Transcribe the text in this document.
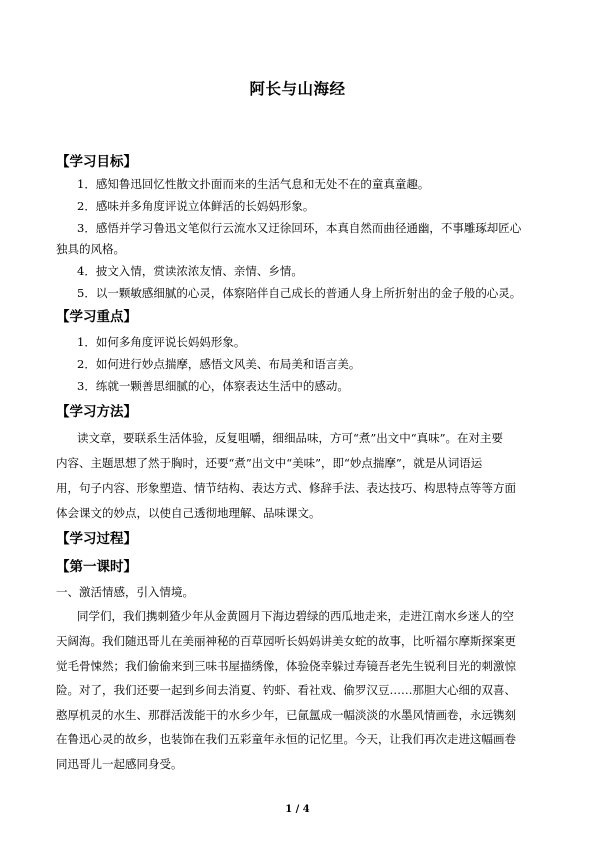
阿长与山海经
【学习目标】
1．感知鲁迅回忆性散文扑面而来的生活气息和无处不在的童真童趣。
2．感味并多角度评说立体鲜活的长妈妈形象。
3．感悟并学习鲁迅文笔似行云流水又迂徐回环，本真自然而曲径通幽，不事雕琢却匠心
独具的风格。
4．披文入情，赏读浓浓友情、亲情、乡情。
5．以一颗敏感细腻的心灵，体察陪伴自己成长的普通人身上所折射出的金子般的心灵。
【学习重点】
1．如何多角度评说长妈妈形象。
2．如何进行妙点揣摩，感悟文风美、布局美和语言美。
3．练就一颗善思细腻的心，体察表达生活中的感动。
【学习方法】
读文章，要联系生活体验，反复咀嚼，细细品味，方可“煮”出文中“真味”。在对主要
内容、主题思想了然于胸时，还要“煮”出文中“美味”，即“妙点揣摩”，就是从词语运
用，句子内容、形象塑造、情节结构、表达方式、修辞手法、表达技巧、构思特点等等方面
体会课文的妙点，以使自己透彻地理解、品味课文。
【学习过程】
【第一课时】
一、激活情感，引入情境。
同学们，我们携刺猹少年从金黄圆月下海边碧绿的西瓜地走来，走进江南水乡迷人的空
天阔海。我们随迅哥儿在美丽神秘的百草园听长妈妈讲美女蛇的故事，比听福尔摩斯探案更
觉毛骨悚然；我们偷偷来到三味书屋描绣像，体验侥幸躲过寿镜吾老先生锐利目光的刺激惊
险。对了，我们还要一起到乡间去消夏、钓虾、看社戏、偷罗汉豆……那胆大心细的双喜、
憨厚机灵的水生、那群活泼能干的水乡少年，已氤氲成一幅淡淡的水墨风情画卷，永远镌刻
在鲁迅心灵的故乡，也装饰在我们五彩童年永恒的记忆里。今天，让我们再次走进这幅画卷
同迅哥儿一起感同身受。
1 / 4
